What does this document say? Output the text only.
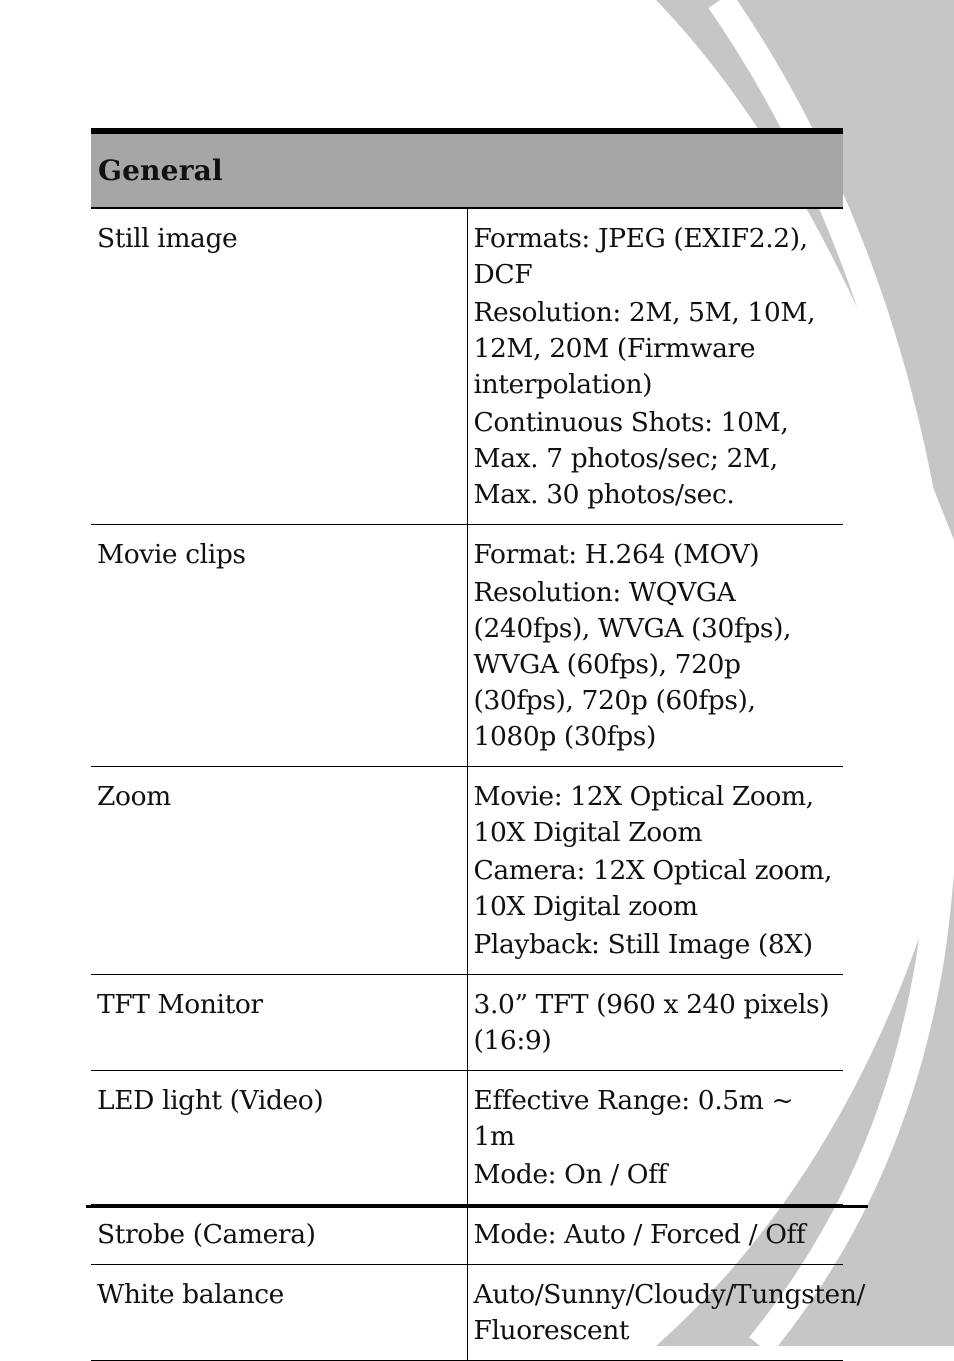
General	
Still image	Formats: JPEG (EXIF2.2), DCF
Resolution: 2M, 5M, 10M, 12M, 20M (Firmware interpolation)
Continuous Shots: 10M, Max. 7 photos/sec; 2M, Max. 30 photos/sec.

Movie clips	Format: H.264 (MOV)
Resolution: WQVGA (240fps), WVGA (30fps), WVGA (60fps), 720p (30fps), 720p (60fps), 1080p (30fps)

Zoom	Movie: 12X Optical Zoom, 10X Digital Zoom
Camera: 12X Optical zoom, 10X Digital zoom
Playback: Still Image (8X)

TFT Monitor	3.0” TFT (960 x 240 pixels) (16:9)

LED light (Video)	Effective Range: 0.5m ~ 1m
Mode: On / Off

Strobe (Camera)	Mode: Auto / Forced / Off

White balance	Auto/Sunny/Cloudy/Tungsten/ Fluorescent
